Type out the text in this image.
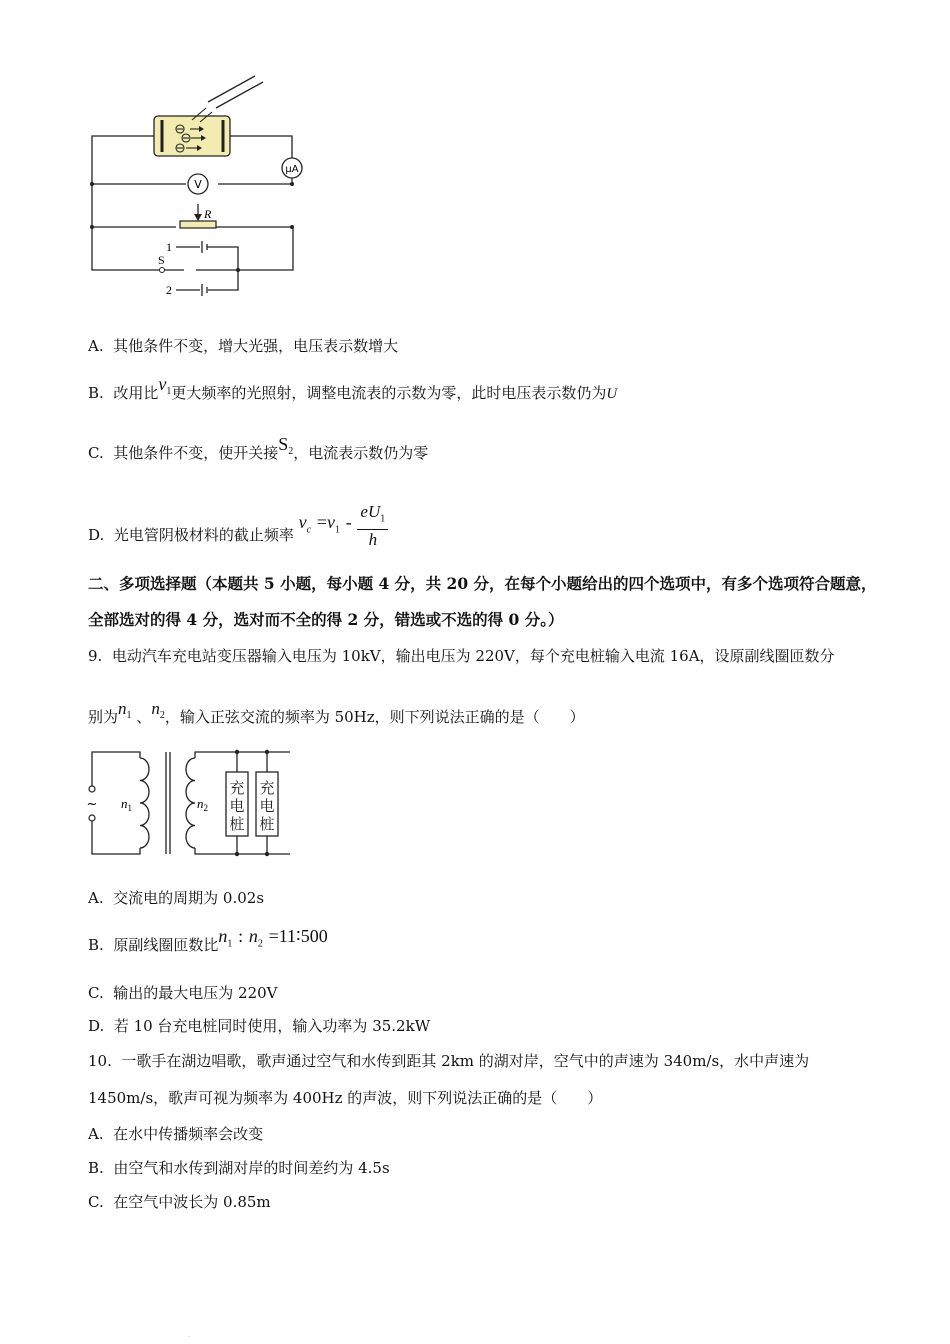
μA
V
R
S
1
2
A. 其他条件不变，增大光强，电压表示数增大
B. 改用比$\nu_1$更大频率的光照射，调整电流表的示数为零，此时电压表示数仍为U
C. 其他条件不变，使开关接$S_2$，电流表示数仍为零
D. 光电管阴极材料的截止频率 $\nu_c =\nu_1 - \frac{eU_1}{h}$
二、多项选择题（本题共 5 小题，每小题 4 分，共 20 分，在每个小题给出的四个选项中，有多个选项符合题意，
全部选对的得 4 分，选对而不全的得 2 分，错选或不选的得 0 分。）
9. 电动汽车充电站变压器输入电压为 10kV，输出电压为 220V，每个充电桩输入电流 16A，设原副线圈匝数分
别为$n_1$ 、$n_2$，输入正弦交流的频率为 50Hz，则下列说法正确的是（　　）
~ $n_1$	$n_2$
充
电
桩
充
电
桩
A. 交流电的周期为 0.02s
B. 原副线圈匝数比$n_1$ : $n_2$ =11∶500
C. 输出的最大电压为 220V
D. 若 10 台充电桩同时使用，输入功率为 35.2kW
10. 一歌手在湖边唱歌，歌声通过空气和水传到距其 2km 的湖对岸，空气中的声速为 340m/s，水中声速为
1450m/s，歌声可视为频率为 400Hz 的声波，则下列说法正确的是（　　）
A. 在水中传播频率会改变
B. 由空气和水传到湖对岸的时间差约为 4.5s
C. 在空气中波长为 0.85m
·
